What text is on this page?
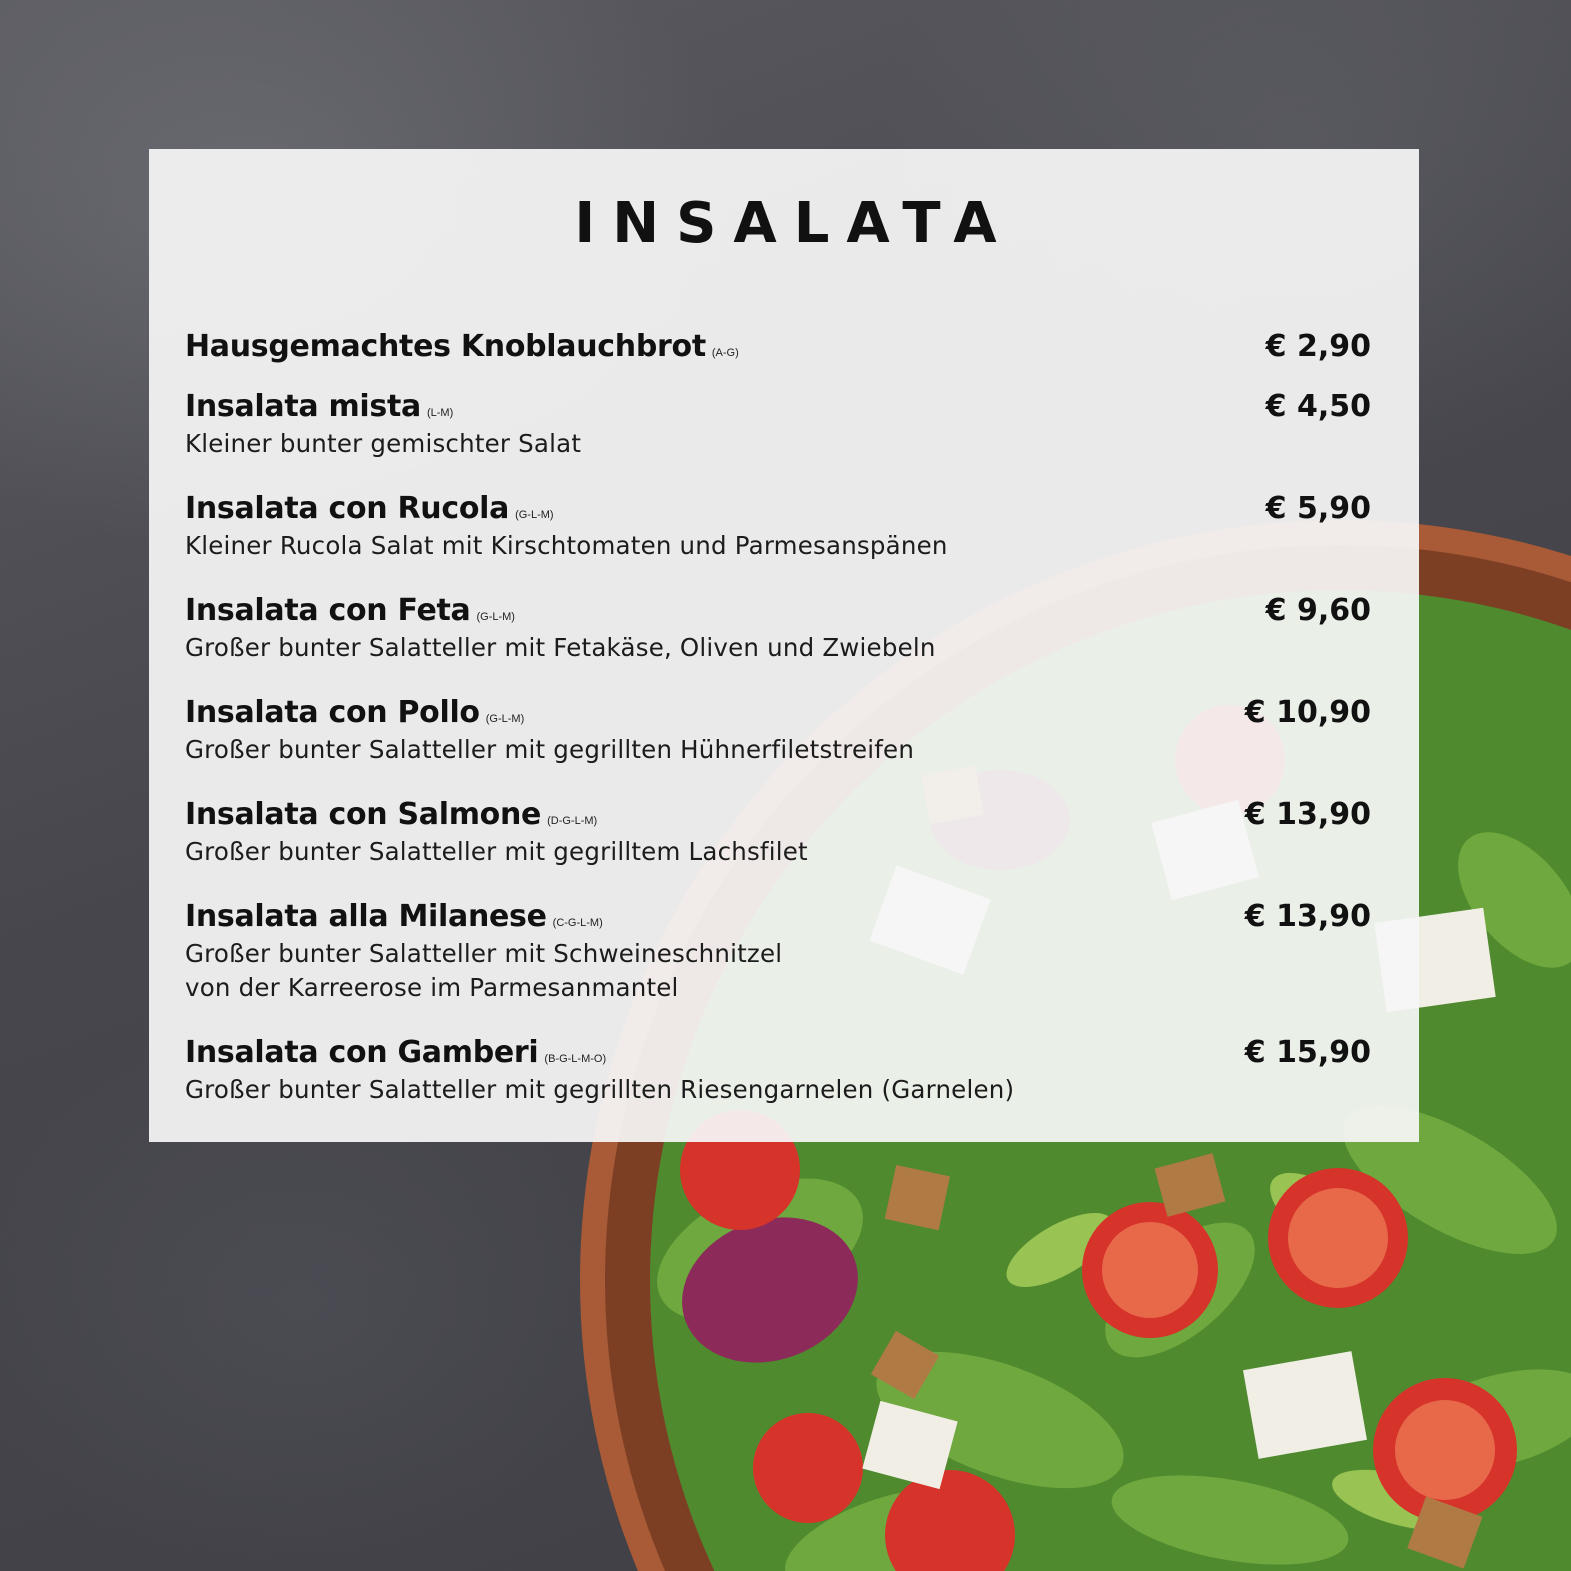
INSALATA
Hausgemachtes Knoblauchbrot (A-G)	€ 2,90
Insalata mista (L-M)	€ 4,50
Kleiner bunter gemischter Salat
Insalata con Rucola (G-L-M)	€ 5,90
Kleiner Rucola Salat mit Kirschtomaten und Parmesanspänen
Insalata con Feta (G-L-M)	€ 9,60
Großer bunter Salatteller mit Fetakäse, Oliven und Zwiebeln
Insalata con Pollo (G-L-M)	€ 10,90
Großer bunter Salatteller mit gegrillten Hühnerfiletstreifen
Insalata con Salmone (D-G-L-M)	€ 13,90
Großer bunter Salatteller mit gegrilltem Lachsfilet
Insalata alla Milanese (C-G-L-M)	€ 13,90
Großer bunter Salatteller mit Schweineschnitzel
von der Karreerose im Parmesanmantel
Insalata con Gamberi (B-G-L-M-O)	€ 15,90
Großer bunter Salatteller mit gegrillten Riesengarnelen (Garnelen)
